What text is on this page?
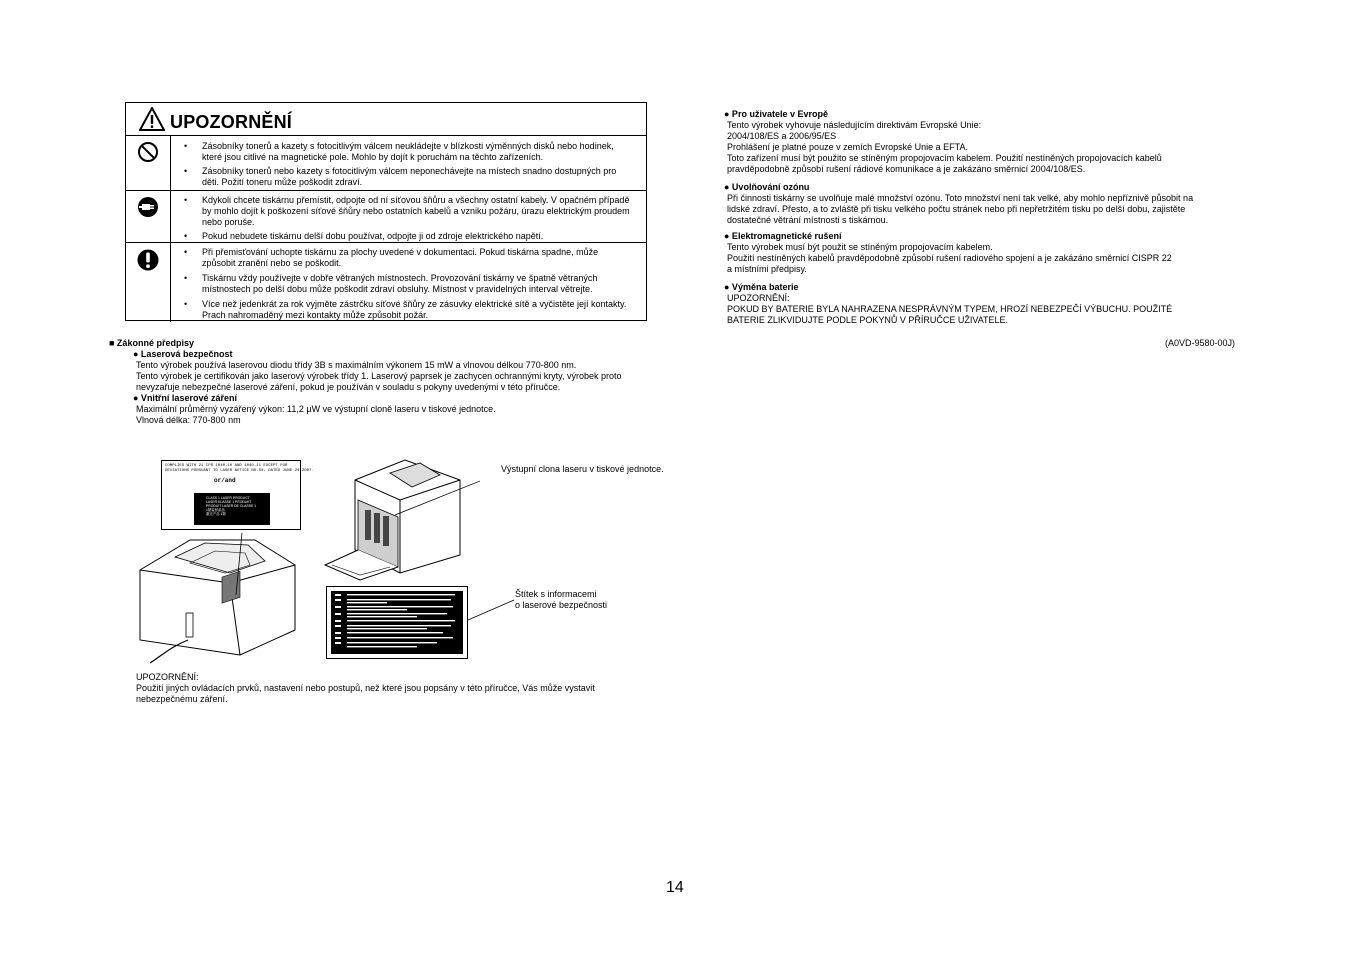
UPOZORNĚNÍ
• Zásobníky tonerů a kazety s fotocitlivým válcem neukládejte v blízkosti výměnných disků nebo hodinek, které jsou citlivé na magnetické pole. Mohlo by dojít k poruchám na těchto zařízeních.
• Zásobníky tonerů nebo kazety s fotocitlivým válcem neponechávejte na místech snadno dostupných pro děti. Požití toneru může poškodit zdraví.
• Kdykoli chcete tiskárnu přemístit, odpojte od ní síťovou šňůru a všechny ostatní kabely. V opačném případě by mohlo dojít k poškození síťové šňůry nebo ostatních kabelů a vzniku požáru, úrazu elektrickým proudem nebo poruše.
• Pokud nebudete tiskárnu delší dobu používat, odpojte ji od zdroje elektrického napětí.
• Při přemisťování uchopte tiskárnu za plochy uvedené v dokumentaci. Pokud tiskárna spadne, může způsobit zranění nebo se poškodit.
• Tiskárnu vždy používejte v dobře větraných místnostech. Provozování tiskárny ve špatně větraných místnostech po delší dobu může poškodit zdraví obsluhy. Místnost v pravidelných interval větrejte.
• Více než jedenkrát za rok vyjměte zástrčku síťové šňůry ze zásuvky elektrické sítě a vyčistěte její kontakty. Prach nahromaděný mezi kontakty může způsobit požár.
■ Zákonné předpisy
● Laserová bezpečnost
Tento výrobek používá laserovou diodu třídy 3B s maximálním výkonem 15 mW a vlnovou délkou 770-800 nm.
Tento výrobek je certifikován jako laserový výrobek třídy 1. Laserový paprsek je zachycen ochrannými kryty, výrobek proto
nevyzařuje nebezpečné laserové záření, pokud je používán v souladu s pokyny uvedenými v této příručce.
● Vnitřní laserové záření
Maximální průměrný vyzářený výkon: 11,2 µW ve výstupní cloně laseru v tiskové jednotce.
Vlnová délka: 770-800 nm
COMPLIES WITH 21 CFR 1040.10 AND 1040.11 EXCEPT FOR
DEVIATIONS PURSUANT TO LASER NOTICE NO.50, DATED JUNE 24,2007.
or/and
CLASS 1 LASER PRODUCT
LASER KLASSE 1 PRODUKT
PRODUIT LASER DE CLASSE 1
1類雷射產品
激光产品 1類
Výstupní clona laseru v tiskové jednotce.
Štítek s informacemi
o laserové bezpečnosti
UPOZORNĚNÍ:
Použití jiných ovládacích prvků, nastavení nebo postupů, než které jsou popsány v této příručce, Vás může vystavit
nebezpečnému záření.
● Pro uživatele v Evropě
Tento výrobek vyhovuje následujícím direktivám Evropské Unie:
2004/108/ES a 2006/95/ES
Prohlášení je platné pouze v zemích Evropské Unie a EFTA.
Toto zařízení musí být použito se stíněným propojovacím kabelem. Použití nestíněných propojovacích kabelů
pravděpodobně způsobí rušení rádiové komunikace a je zakázáno směrnicí 2004/108/ES.
● Uvolňování ozónu
Při činnosti tiskárny se uvolňuje malé množství ozónu. Toto množství není tak velké, aby mohlo nepříznivě působit na
lidské zdraví. Přesto, a to zvláště při tisku velkého počtu stránek nebo při nepřetržitém tisku po delší dobu, zajistěte
dostatečné větrání místnosti s tiskárnou.
● Elektromagnetické rušení
Tento výrobek musí být použit se stíněným propojovacím kabelem.
Použití nestíněných kabelů pravděpodobně způsobí rušení radiového spojení a je zakázáno směrnicí CISPR 22
a místními předpisy.
● Výměna baterie
UPOZORNĚNÍ:
POKUD BY BATERIE BYLA NAHRAZENA NESPRÁVNÝM TYPEM, HROZÍ NEBEZPEČÍ VÝBUCHU. POUŽITÉ
BATERIE ZLIKVIDUJTE PODLE POKYNŮ V PŘÍRUČCE UŽIVATELE.
(A0VD-9580-00J)
14
